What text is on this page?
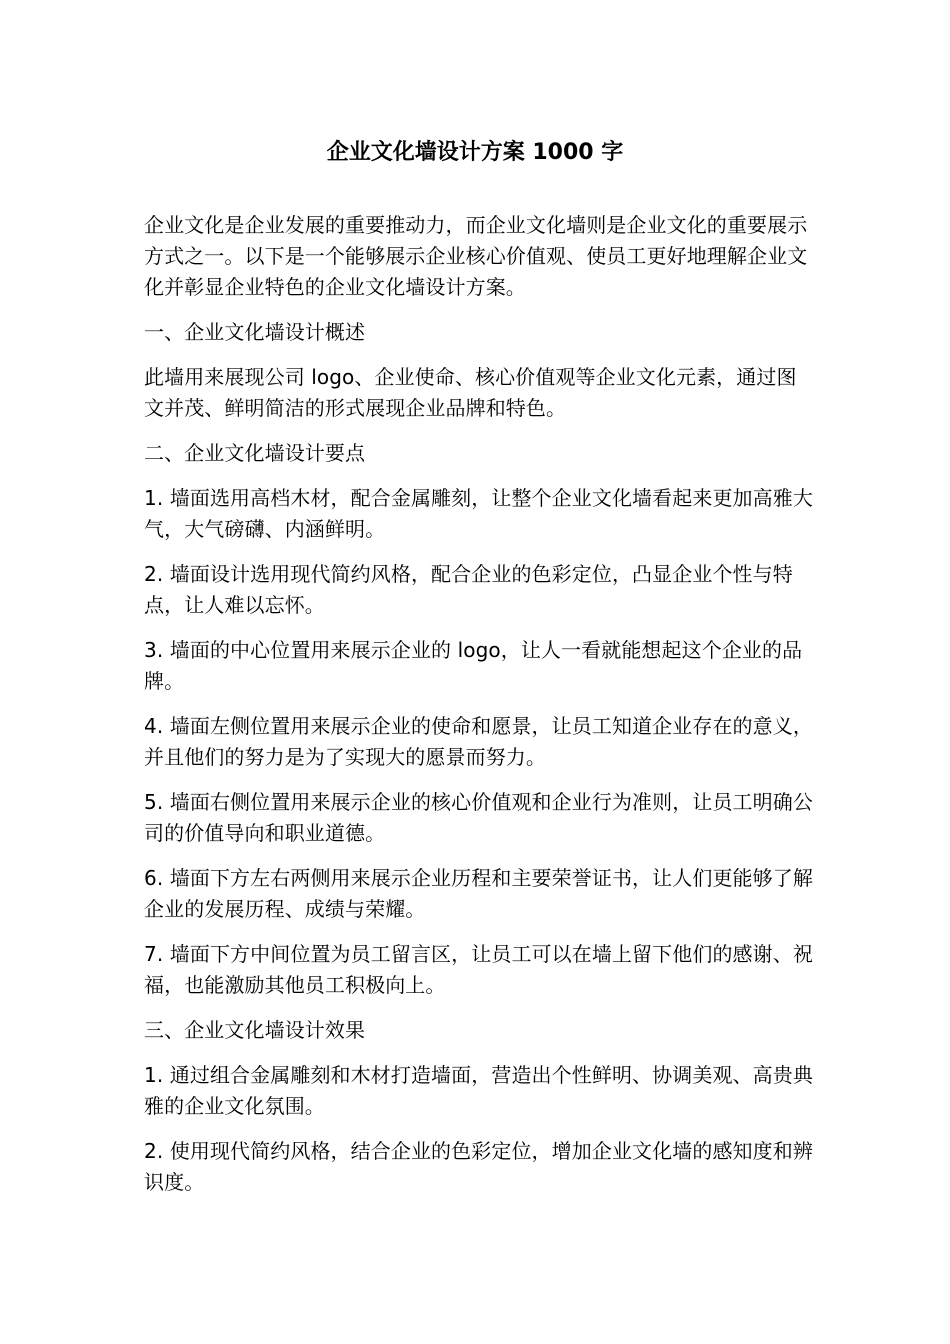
企业文化墙设计方案 1000 字

企业文化是企业发展的重要推动力，而企业文化墙则是企业文化的重要展示方式之一。以下是一个能够展示企业核心价值观、使员工更好地理解企业文化并彰显企业特色的企业文化墙设计方案。

一、企业文化墙设计概述

此墙用来展现公司 logo、企业使命、核心价值观等企业文化元素，通过图文并茂、鲜明简洁的形式展现企业品牌和特色。

二、企业文化墙设计要点

1. 墙面选用高档木材，配合金属雕刻，让整个企业文化墙看起来更加高雅大气，大气磅礴、内涵鲜明。

2. 墙面设计选用现代简约风格，配合企业的色彩定位，凸显企业个性与特点，让人难以忘怀。

3. 墙面的中心位置用来展示企业的 logo，让人一看就能想起这个企业的品牌。

4. 墙面左侧位置用来展示企业的使命和愿景，让员工知道企业存在的意义，并且他们的努力是为了实现大的愿景而努力。

5. 墙面右侧位置用来展示企业的核心价值观和企业行为准则，让员工明确公司的价值导向和职业道德。

6. 墙面下方左右两侧用来展示企业历程和主要荣誉证书，让人们更能够了解企业的发展历程、成绩与荣耀。

7. 墙面下方中间位置为员工留言区，让员工可以在墙上留下他们的感谢、祝福，也能激励其他员工积极向上。

三、企业文化墙设计效果

1. 通过组合金属雕刻和木材打造墙面，营造出个性鲜明、协调美观、高贵典雅的企业文化氛围。

2. 使用现代简约风格，结合企业的色彩定位，增加企业文化墙的感知度和辨识度。
